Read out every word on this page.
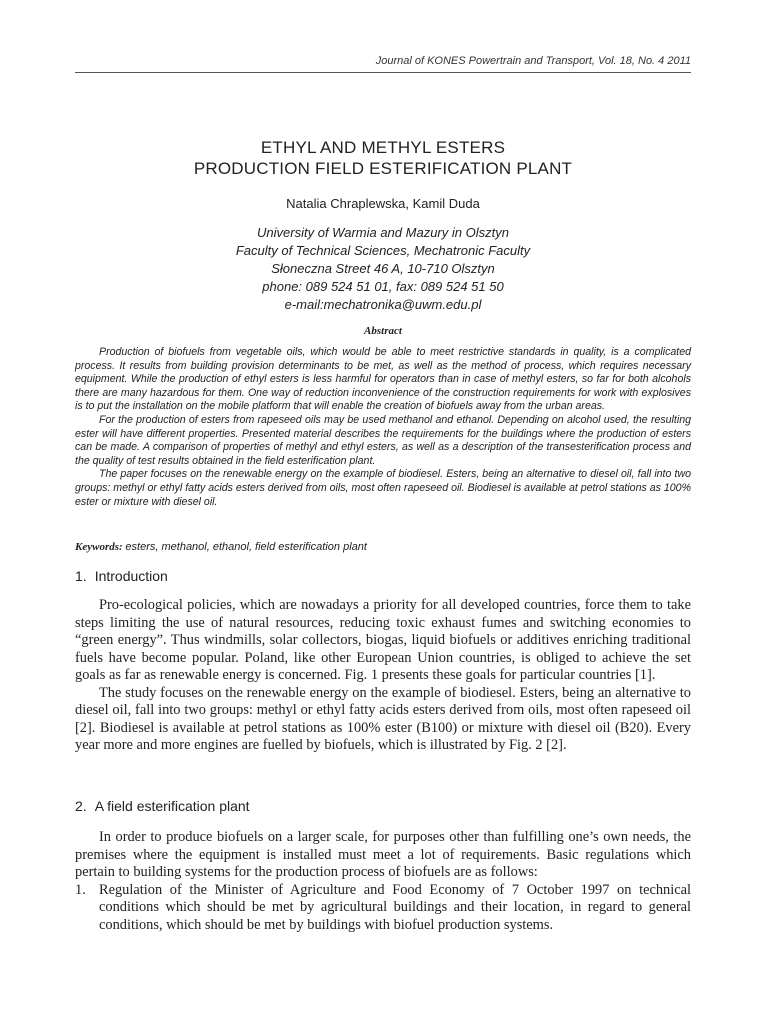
Journal of KONES Powertrain and Transport, Vol. 18, No. 4 2011
ETHYL AND METHYL ESTERS
PRODUCTION FIELD ESTERIFICATION PLANT
Natalia Chraplewska, Kamil Duda
University of Warmia and Mazury in Olsztyn
Faculty of Technical Sciences, Mechatronic Faculty
Słoneczna Street 46 A, 10-710 Olsztyn
phone: 089 524 51 01, fax: 089 524 51 50
e-mail:mechatronika@uwm.edu.pl
Abstract

Production of biofuels from vegetable oils, which would be able to meet restrictive standards in quality, is a complicated process. It results from building provision determinants to be met, as well as the method of process, which requires necessary equipment. While the production of ethyl esters is less harmful for operators than in case of methyl esters, so far for both alcohols there are many hazardous for them. One way of reduction inconvenience of the construction requirements for work with explosives is to put the installation on the mobile platform that will enable the creation of biofuels away from the urban areas.

For the production of esters from rapeseed oils may be used methanol and ethanol. Depending on alcohol used, the resulting ester will have different properties. Presented material describes the requirements for the buildings where the production of esters can be made. A comparison of properties of methyl and ethyl esters, as well as a description of the transesterification process and the quality of test results obtained in the field esterification plant.

The paper focuses on the renewable energy on the example of biodiesel. Esters, being an alternative to diesel oil, fall into two groups: methyl or ethyl fatty acids esters derived from oils, most often rapeseed oil. Biodiesel is available at petrol stations as 100% ester or mixture with diesel oil.

Keywords: esters, methanol, ethanol, field esterification plant
1. Introduction

Pro-ecological policies, which are nowadays a priority for all developed countries, force them to take steps limiting the use of natural resources, reducing toxic exhaust fumes and switching economies to “green energy”. Thus windmills, solar collectors, biogas, liquid biofuels or additives enriching traditional fuels have become popular. Poland, like other European Union countries, is obliged to achieve the set goals as far as renewable energy is concerned. Fig. 1 presents these goals for particular countries [1].

The study focuses on the renewable energy on the example of biodiesel. Esters, being an alternative to diesel oil, fall into two groups: methyl or ethyl fatty acids esters derived from oils, most often rapeseed oil [2]. Biodiesel is available at petrol stations as 100% ester (B100) or mixture with diesel oil (B20). Every year more and more engines are fuelled by biofuels, which is illustrated by Fig. 2 [2].

2. A field esterification plant

In order to produce biofuels on a larger scale, for purposes other than fulfilling one’s own needs, the premises where the equipment is installed must meet a lot of requirements. Basic regulations which pertain to building systems for the production process of biofuels are as follows:

1. Regulation of the Minister of Agriculture and Food Economy of 7 October 1997 on technical conditions which should be met by agricultural buildings and their location, in regard to general conditions, which should be met by buildings with biofuel production systems.
